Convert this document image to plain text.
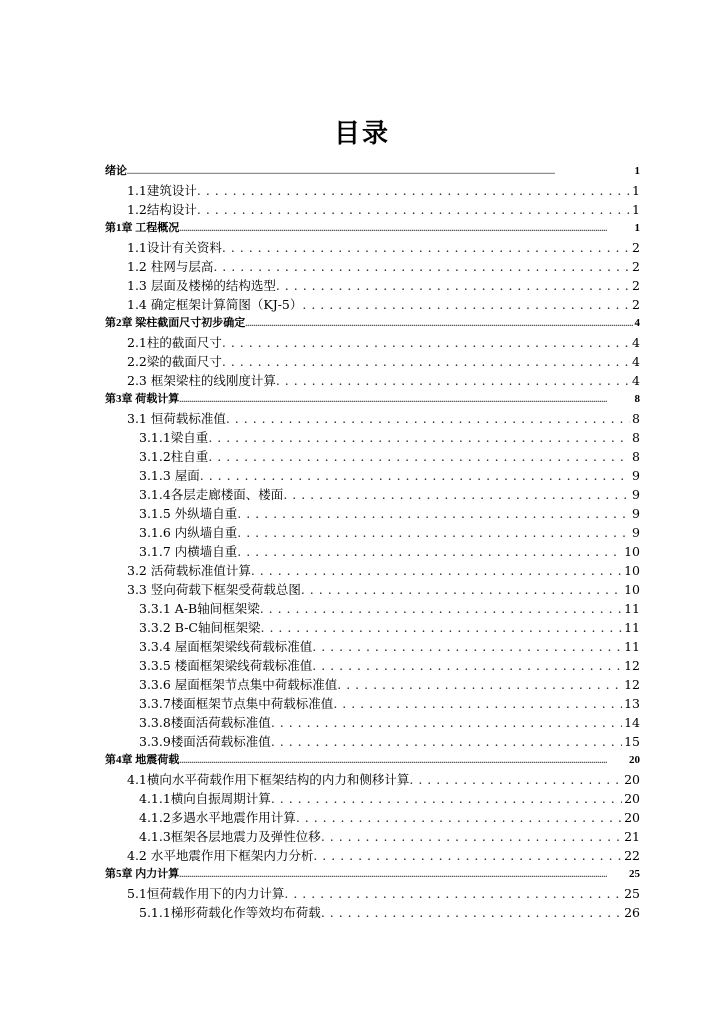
目录
绪论 .....	1
1.1建筑设计 . . .	1
1.2结构设计 . . .	1
第1章 工程概况 .....	1
1.1设计有关资料 . . .	2
1.2 柱网与层高 . . .	2
1.3 层面及楼梯的结构选型 . . .	2
1.4 确定框架计算简图（KJ-5） . . .	2
第2章 梁柱截面尺寸初步确定 .....	4
2.1柱的截面尺寸 . . .	4
2.2梁的截面尺寸 . . .	4
2.3 框架梁柱的线刚度计算 . . .	4
第3章 荷载计算 .....	8
3.1 恒荷载标准值 . . .	8
3.1.1梁自重 . . .	8
3.1.2柱自重 . . .	8
3.1.3 屋面 . . .	9
3.1.4各层走廊楼面、楼面 . . .	9
3.1.5 外纵墙自重 . . .	9
3.1.6 内纵墙自重 . . .	9
3.1.7 内横墙自重 . . .	10
3.2 活荷载标准值计算 . . .	10
3.3 竖向荷载下框架受荷载总图 . . .	10
3.3.1 A-B轴间框架梁 . . .	11
3.3.2 B-C轴间框架梁 . . .	11
3.3.4 屋面框架梁线荷载标准值 . . .	11
3.3.5 楼面框架梁线荷载标准值 . . .	12
3.3.6 屋面框架节点集中荷载标准值 . . .	12
3.3.7楼面框架节点集中荷载标准值 . . .	13
3.3.8楼面活荷载标准值 . . .	14
3.3.9楼面活荷载标准值 . . .	15
第4章 地震荷载 .....	20
4.1横向水平荷载作用下框架结构的内力和侧移计算 . . .	20
4.1.1横向自振周期计算 . . .	20
4.1.2多遇水平地震作用计算 . . .	20
4.1.3框架各层地震力及弹性位移 . . .	21
4.2 水平地震作用下框架内力分析 . . .	22
第5章 内力计算 .....	25
5.1恒荷载作用下的内力计算 . . .	25
5.1.1梯形荷载化作等效均布荷载 . . .	26
